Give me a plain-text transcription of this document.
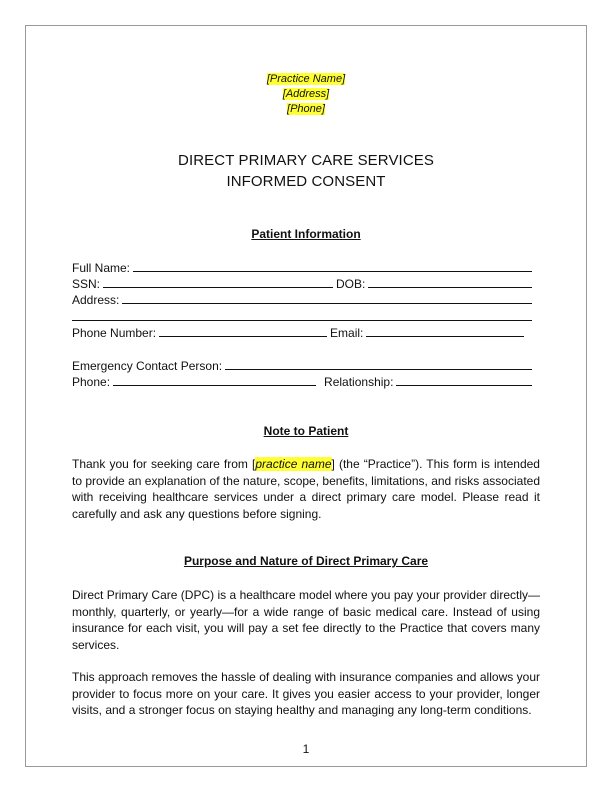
[Practice Name]
[Address]
[Phone]
DIRECT PRIMARY CARE SERVICES
INFORMED CONSENT
Patient Information
Full Name:
SSN:	DOB:
Address:
Phone Number:	Email:
Emergency Contact Person:
Phone:	Relationship:
Note to Patient
Thank you for seeking care from [practice name] (the “Practice”). This form is intended to provide an explanation of the nature, scope, benefits, limitations, and risks associated with receiving healthcare services under a direct primary care model. Please read it carefully and ask any questions before signing.
Purpose and Nature of Direct Primary Care
Direct Primary Care (DPC) is a healthcare model where you pay your provider directly—monthly, quarterly, or yearly—for a wide range of basic medical care. Instead of using insurance for each visit, you will pay a set fee directly to the Practice that covers many services.
This approach removes the hassle of dealing with insurance companies and allows your provider to focus more on your care. It gives you easier access to your provider, longer visits, and a stronger focus on staying healthy and managing any long-term conditions.
1
